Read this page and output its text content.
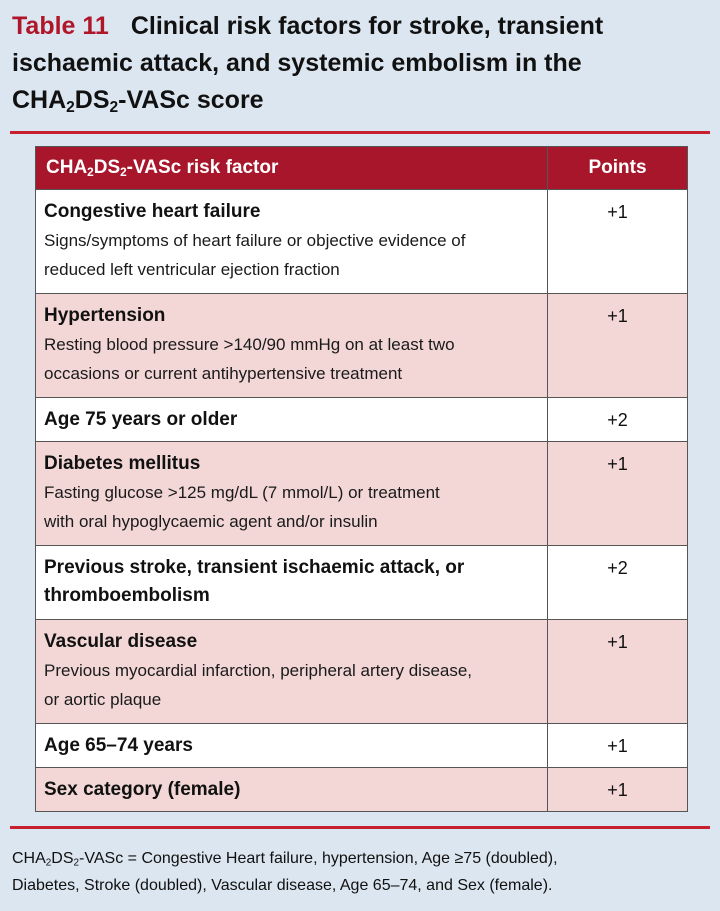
Table 11 Clinical risk factors for stroke, transient
ischaemic attack, and systemic embolism in the
$CHA_2DS_2$-VASc score
$CHA_2DS_2$-VASc risk factor	Points

Congestive heart failure
Signs/symptoms of heart failure or objective evidence of
reduced left ventricular ejection fraction	+1

Hypertension
Resting blood pressure >140/90 mmHg on at least two
occasions or current antihypertensive treatment	+1

Age 75 years or older	+2

Diabetes mellitus
Fasting glucose >125 mg/dL (7 mmol/L) or treatment
with oral hypoglycaemic agent and/or insulin	+1

Previous stroke, transient ischaemic attack, or
thromboembolism	+2

Vascular disease
Previous myocardial infarction, peripheral artery disease,
or aortic plaque	+1

Age 65–74 years	+1

Sex category (female)	+1
$CHA_2DS_2$-VASc = Congestive Heart failure, hypertension, Age ≥75 (doubled),
Diabetes, Stroke (doubled), Vascular disease, Age 65–74, and Sex (female).
